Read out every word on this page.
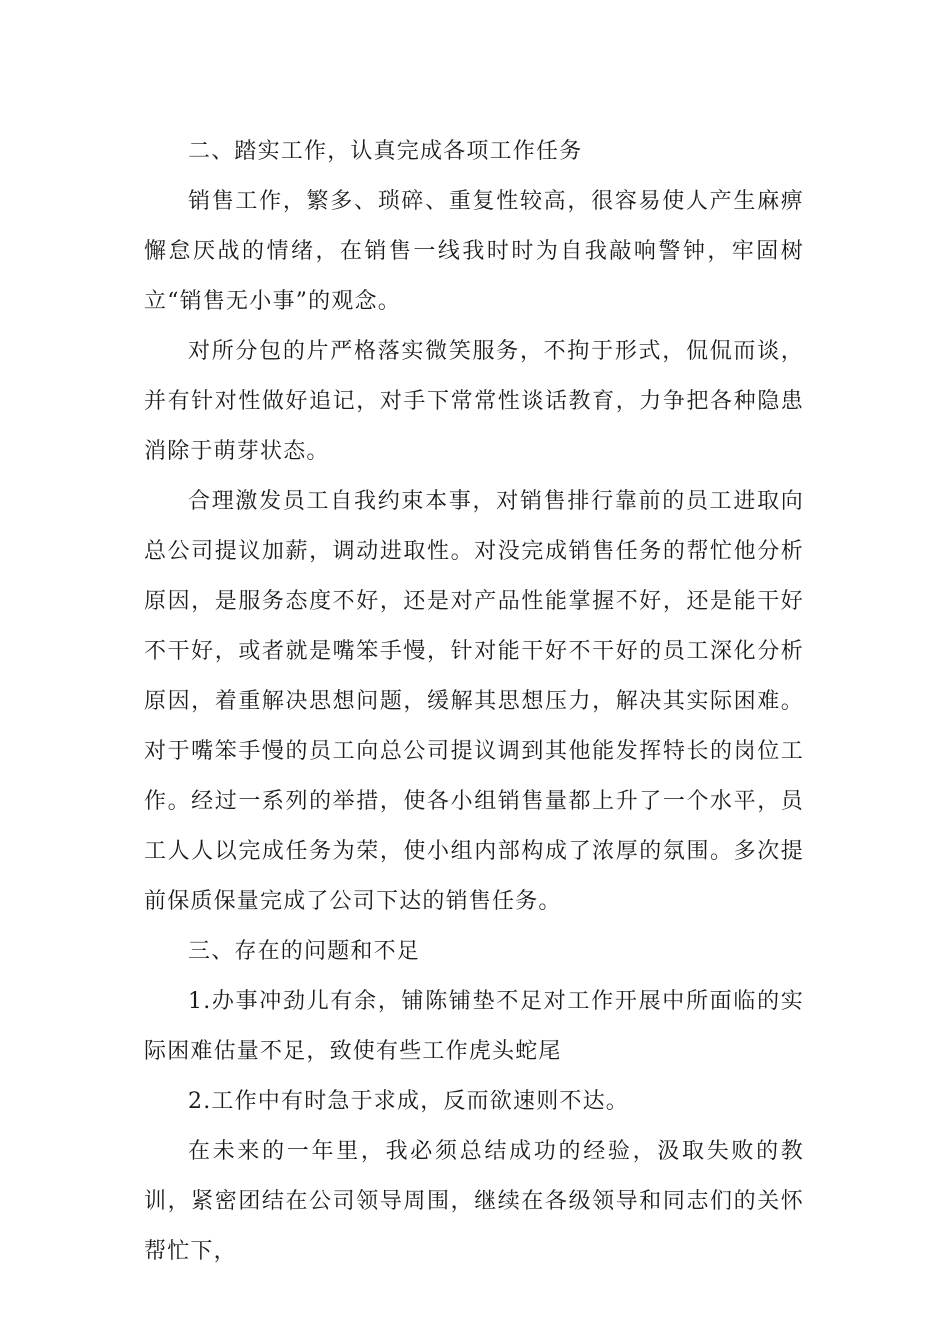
二、踏实工作，认真完成各项工作任务

销售工作，繁多、琐碎、重复性较高，很容易使人产生麻痹懈怠厌战的情绪，在销售一线我时时为自我敲响警钟，牢固树立“销售无小事”的观念。

对所分包的片严格落实微笑服务，不拘于形式，侃侃而谈，并有针对性做好追记，对手下常常性谈话教育，力争把各种隐患消除于萌芽状态。

合理激发员工自我约束本事，对销售排行靠前的员工进取向总公司提议加薪，调动进取性。对没完成销售任务的帮忙他分析原因，是服务态度不好，还是对产品性能掌握不好，还是能干好不干好，或者就是嘴笨手慢，针对能干好不干好的员工深化分析原因，着重解决思想问题，缓解其思想压力，解决其实际困难。对于嘴笨手慢的员工向总公司提议调到其他能发挥特长的岗位工作。经过一系列的举措，使各小组销售量都上升了一个水平，员工人人以完成任务为荣，使小组内部构成了浓厚的氛围。多次提前保质保量完成了公司下达的销售任务。

三、存在的问题和不足

1.办事冲劲儿有余，铺陈铺垫不足对工作开展中所面临的实际困难估量不足，致使有些工作虎头蛇尾

2.工作中有时急于求成，反而欲速则不达。

在未来的一年里，我必须总结成功的经验，汲取失败的教训，紧密团结在公司领导周围，继续在各级领导和同志们的关怀帮忙下，
